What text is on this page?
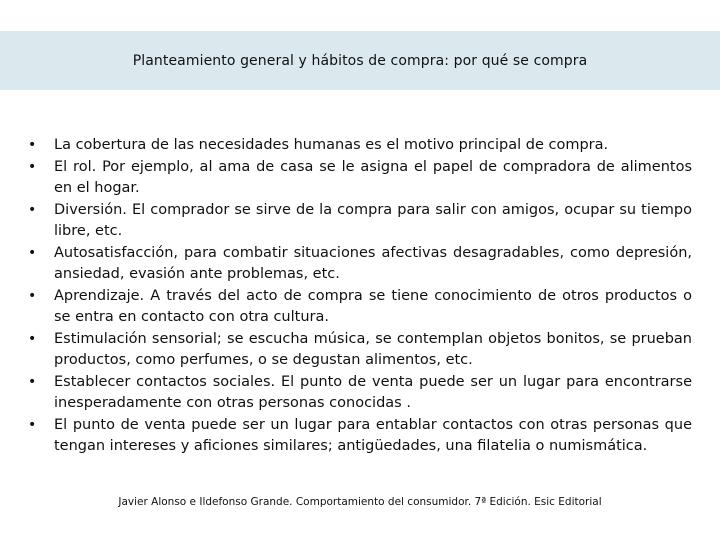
Planteamiento general y hábitos de compra: por qué se compra
•	La cobertura de las necesidades humanas es el motivo principal de compra.
•	El rol. Por ejemplo, al ama de casa se le asigna el papel de compradora de alimentos en el hogar.
•	Diversión. El comprador se sirve de la compra para salir con amigos, ocupar su tiempo libre, etc.
•	Autosatisfacción, para combatir situaciones afectivas desagradables, como depresión, ansiedad, evasión ante problemas, etc.
•	Aprendizaje. A través del acto de compra se tiene conocimiento de otros productos o se entra en contacto con otra cultura.
•	Estimulación sensorial; se escucha música, se contemplan objetos bonitos, se prueban productos, como perfumes, o se degustan alimentos, etc.
•	Establecer contactos sociales. El punto de venta puede ser un lugar para encontrarse inesperadamente con otras personas conocidas .
•	El punto de venta puede ser un lugar para entablar contactos con otras personas que tengan intereses y aficiones similares; antigüedades, una filatelia o numismática.
Javier Alonso e Ildefonso Grande. Comportamiento del consumidor. 7ª Edición. Esic Editorial
